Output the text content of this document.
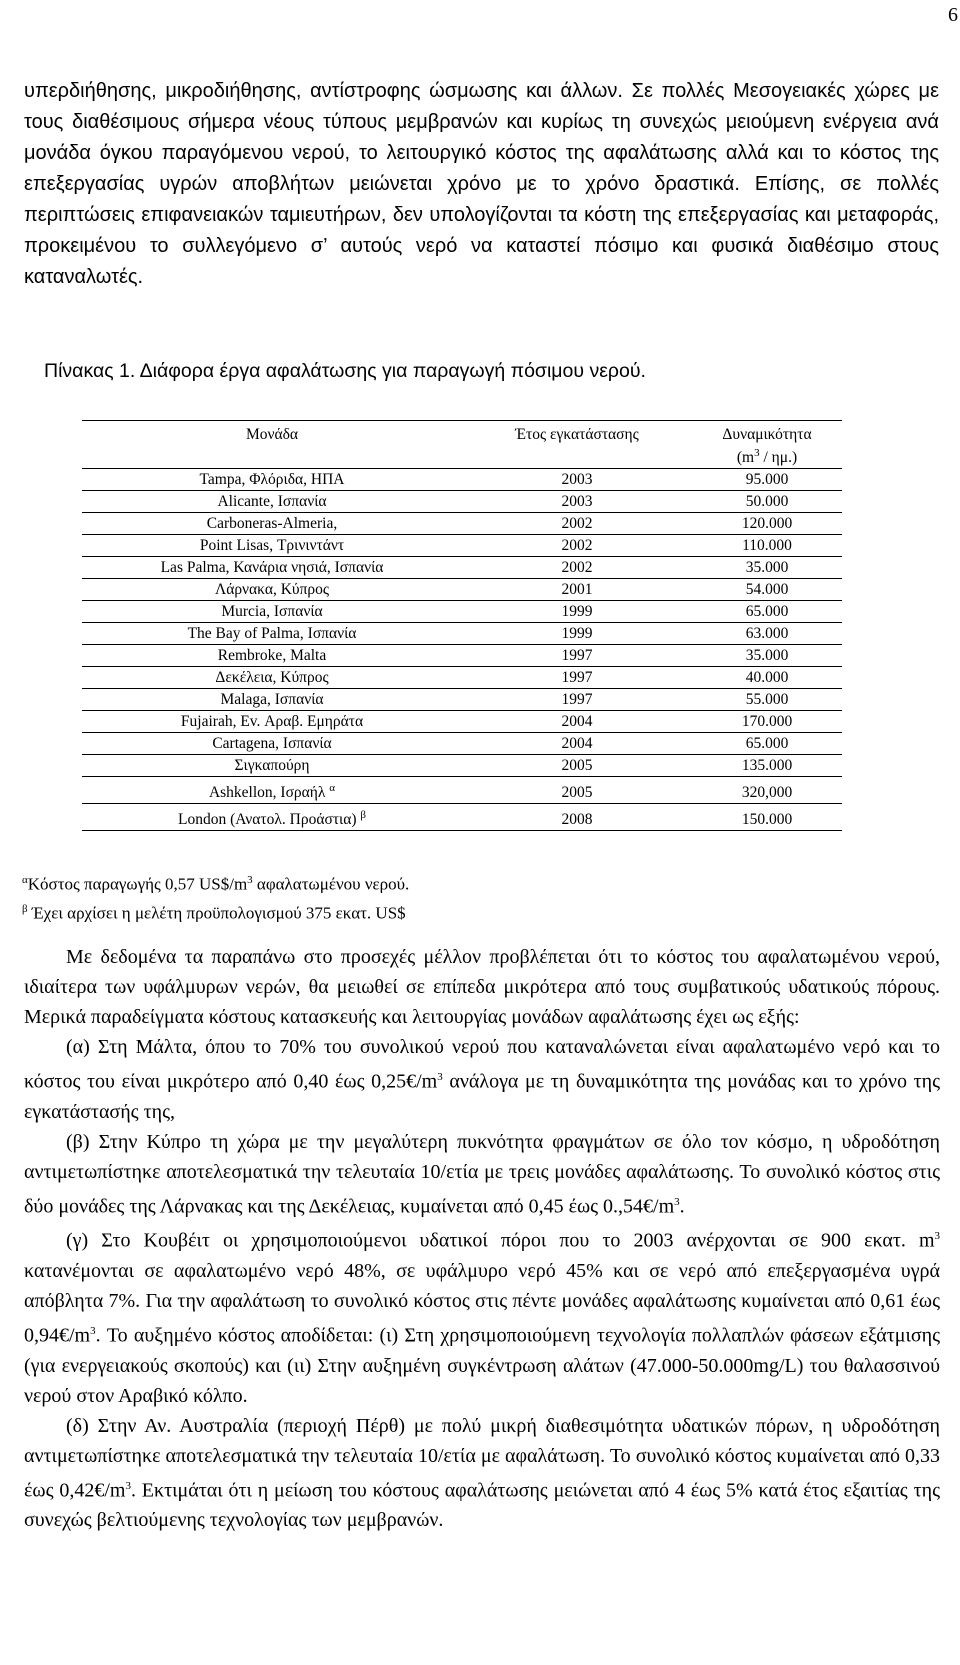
6

υπερδιήθησης, μικροδιήθησης, αντίστροφης ώσμωσης και άλλων. Σε πολλές Μεσογειακές χώρες με τους διαθέσιμους σήμερα νέους τύπους μεμβρανών και κυρίως τη συνεχώς μειούμενη ενέργεια ανά μονάδα όγκου παραγόμενου νερού, το λειτουργικό κόστος της αφαλάτωσης αλλά και το κόστος της επεξεργασίας υγρών αποβλήτων μειώνεται χρόνο με το χρόνο δραστικά. Επίσης, σε πολλές περιπτώσεις επιφανειακών ταμιευτήρων, δεν υπολογίζονται τα κόστη της επεξεργασίας και μεταφοράς, προκειμένου το συλλεγόμενο σ’ αυτούς νερό να καταστεί πόσιμο και φυσικά διαθέσιμο στους καταναλωτές.

Πίνακας 1. Διάφορα έργα αφαλάτωσης για παραγωγή πόσιμου νερού.
Μονάδα	Έτος εγκατάστασης	Δυναμικότητα
$(m^3 / \eta\mu.)$
Tampa, Φλόριδα, ΗΠΑ	2003	95.000
Alicante, Ισπανία	2003	50.000
Carboneras-Almeria,	2002	120.000
Point Lisas, Τρινιντάντ	2002	110.000
Las Palma, Κανάρια νησιά, Ισπανία	2002	35.000
Λάρνακα, Κύπρος	2001	54.000
Murcia, Ισπανία	1999	65.000
The Bay of Palma, Ισπανία	1999	63.000
Rembroke, Malta	1997	35.000
Δεκέλεια, Κύπρος	1997	40.000
Malaga, Ισπανία	1997	55.000
Fujairah, Ev. Αραβ. Εμηράτα	2004	170.000
Cartagena, Ισπανία	2004	65.000
Σιγκαπούρη	2005	135.000
Ashkellon, Ισραήλ $^\alpha$	2005	320,000
London (Ανατολ. Προάστια) $^\beta$	2008	150.000
$^\alpha$Κόστος παραγωγής 0,57 $US\$/m^3$ αφαλατωμένου νερού.
$^\beta$ Έχει αρχίσει η μελέτη προϋπολογισμού 375 εκατ. US$

Με δεδομένα τα παραπάνω στο προσεχές μέλλον προβλέπεται ότι το κόστος του αφαλατωμένου νερού, ιδιαίτερα των υφάλμυρων νερών, θα μειωθεί σε επίπεδα μικρότερα από τους συμβατικούς υδατικούς πόρους. Μερικά παραδείγματα κόστους κατασκευής και λειτουργίας μονάδων αφαλάτωσης έχει ως εξής:

(α) Στη Μάλτα, όπου το 70% του συνολικού νερού που καταναλώνεται είναι αφαλατωμένο νερό και το κόστος του είναι μικρότερο από 0,40 έως $0,25€/m^3$ ανάλογα με τη δυναμικότητα της μονάδας και το χρόνο της εγκατάστασής της,

(β) Στην Κύπρο τη χώρα με την μεγαλύτερη πυκνότητα φραγμάτων σε όλο τον κόσμο, η υδροδότηση αντιμετωπίστηκε αποτελεσματικά την τελευταία 10/ετία με τρεις μονάδες αφαλάτωσης. Το συνολικό κόστος στις δύο μονάδες της Λάρνακας και της Δεκέλειας, κυμαίνεται από 0,45 έως $0.,54€/m^3$.

(γ) Στο Κουβέιτ οι χρησιμοποιούμενοι υδατικοί πόροι που το 2003 ανέρχονται σε 900 εκατ. $m^3$ κατανέμονται σε αφαλατωμένο νερό 48%, σε υφάλμυρο νερό 45% και σε νερό από επεξεργασμένα υγρά απόβλητα 7%. Για την αφαλάτωση το συνολικό κόστος στις πέντε μονάδες αφαλάτωσης κυμαίνεται από 0,61 έως $0,94€/m^3$. Το αυξημένο κόστος αποδίδεται: (ι) Στη χρησιμοποιούμενη τεχνολογία πολλαπλών φάσεων εξάτμισης (για ενεργειακούς σκοπούς) και (ιι) Στην αυξημένη συγκέντρωση αλάτων (47.000-50.000mg/L) του θαλασσινού νερού στον Αραβικό κόλπο.

(δ) Στην Αν. Αυστραλία (περιοχή Πέρθ) με πολύ μικρή διαθεσιμότητα υδατικών πόρων, η υδροδότηση αντιμετωπίστηκε αποτελεσματικά την τελευταία 10/ετία με αφαλάτωση. Το συνολικό κόστος κυμαίνεται από 0,33 έως $0,42€/m^3$. Εκτιμάται ότι η μείωση του κόστους αφαλάτωσης μειώνεται από 4 έως 5% κατά έτος εξαιτίας της συνεχώς βελτιούμενης τεχνολογίας των μεμβρανών.
